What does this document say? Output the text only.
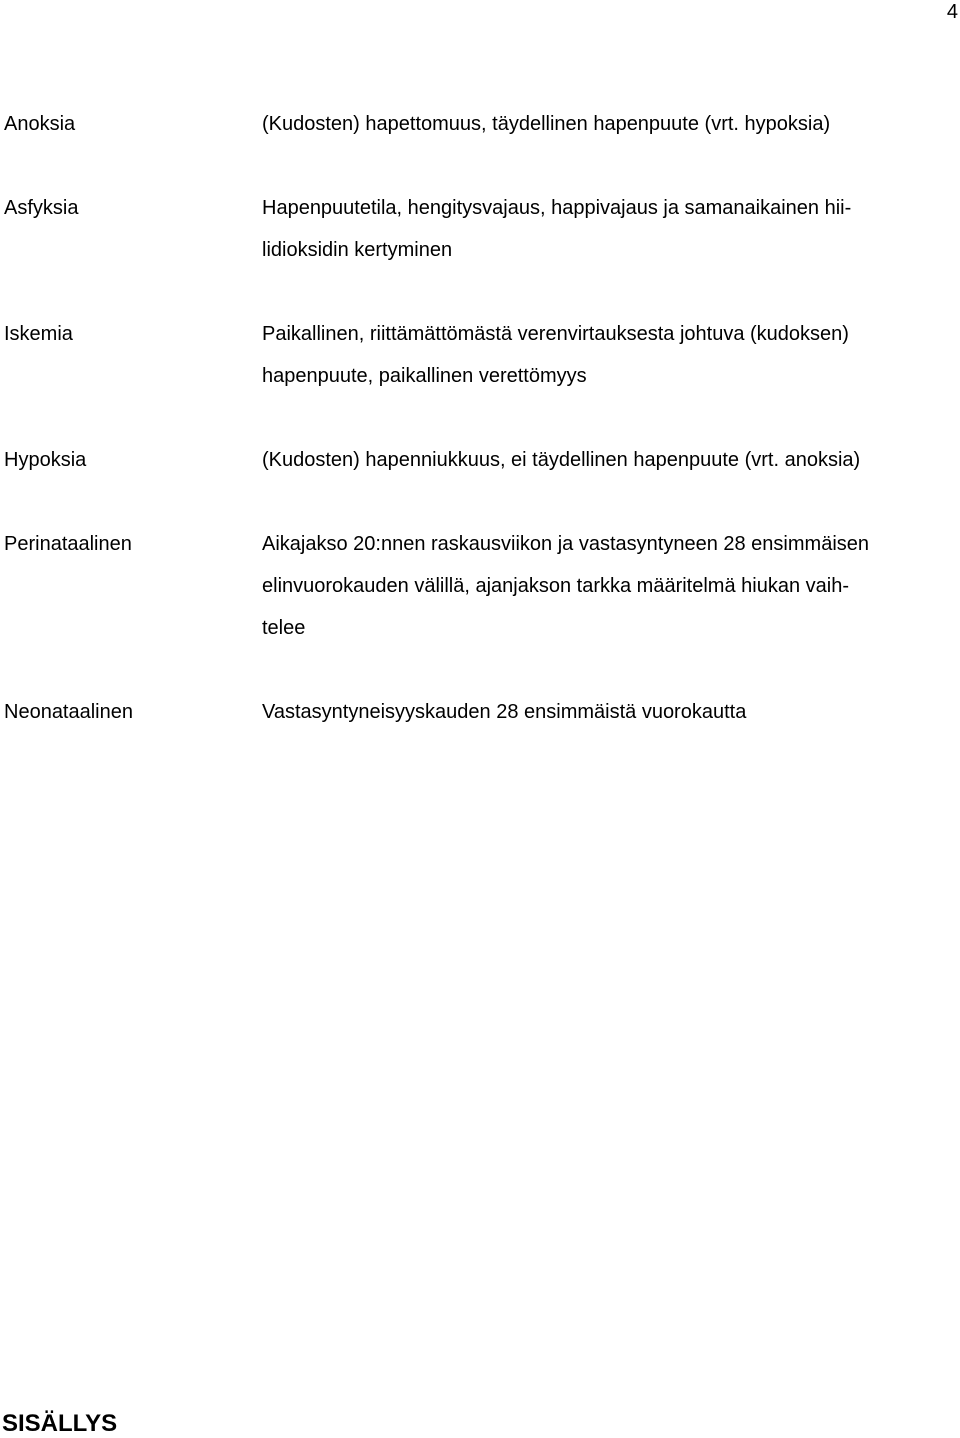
4
Anoksia	(Kudosten) hapettomuus, täydellinen hapenpuute (vrt. hypoksia)
Asfyksia	Hapenpuutetila, hengitysvajaus, happivajaus ja samanaikainen hii-
lidioksidin kertyminen
Iskemia	Paikallinen, riittämättömästä verenvirtauksesta johtuva (kudoksen)
hapenpuute, paikallinen verettömyys
Hypoksia	(Kudosten) hapenniukkuus, ei täydellinen hapenpuute (vrt. anoksia)
Perinataalinen	Aikajakso 20:nnen raskausviikon ja vastasyntyneen 28 ensimmäisen
elinvuorokauden välillä, ajanjakson tarkka määritelmä hiukan vaih-
telee
Neonataalinen	Vastasyntyneisyyskauden 28 ensimmäistä vuorokautta
SISÄLLYS
